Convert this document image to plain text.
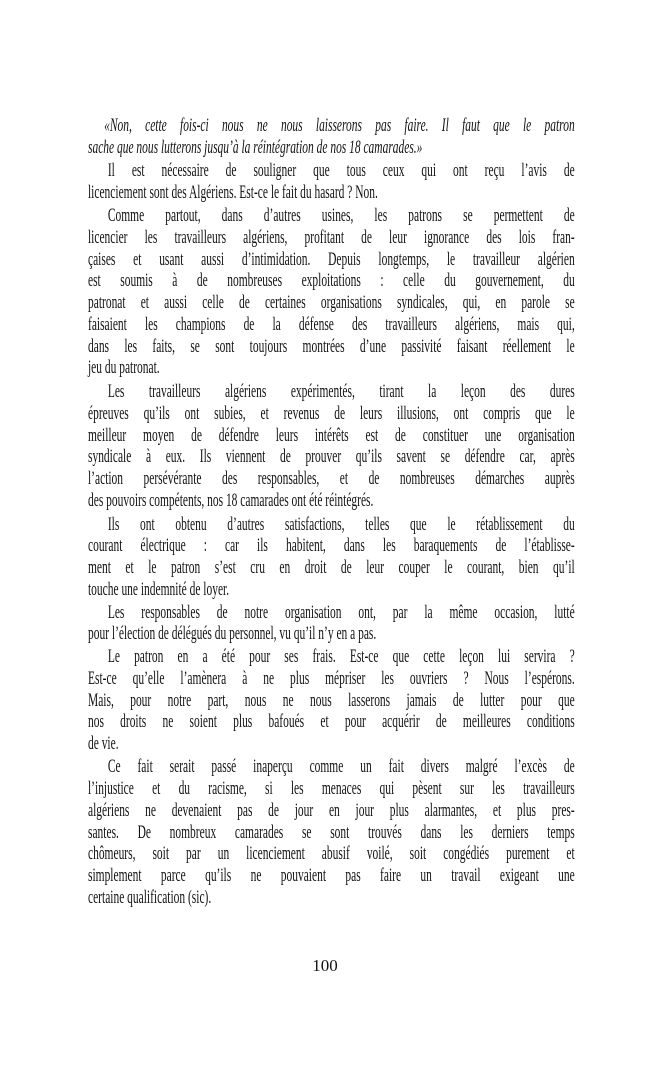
«Non, cette fois-ci nous ne nous laisserons pas faire. Il faut que le patron
sache que nous lutterons jusqu’à la réintégration de nos 18 camarades.»
Il est nécessaire de souligner que tous ceux qui ont reçu l’avis de
licenciement sont des Algériens. Est-ce le fait du hasard ? Non.
Comme partout, dans d’autres usines, les patrons se permettent de
licencier les travailleurs algériens, profitant de leur ignorance des lois fran-
çaises et usant aussi d’intimidation. Depuis longtemps, le travailleur algérien
est soumis à de nombreuses exploitations : celle du gouvernement, du
patronat et aussi celle de certaines organisations syndicales, qui, en parole se
faisaient les champions de la défense des travailleurs algériens, mais qui,
dans les faits, se sont toujours montrées d’une passivité faisant réellement le
jeu du patronat.
Les travailleurs algériens expérimentés, tirant la leçon des dures
épreuves qu’ils ont subies, et revenus de leurs illusions, ont compris que le
meilleur moyen de défendre leurs intérêts est de constituer une organisation
syndicale à eux. Ils viennent de prouver qu’ils savent se défendre car, après
l’action persévérante des responsables, et de nombreuses démarches auprès
des pouvoirs compétents, nos 18 camarades ont été réintégrés.
Ils ont obtenu d’autres satisfactions, telles que le rétablissement du
courant électrique : car ils habitent, dans les baraquements de l’établisse-
ment et le patron s’est cru en droit de leur couper le courant, bien qu’il
touche une indemnité de loyer.
Les responsables de notre organisation ont, par la même occasion, lutté
pour l’élection de délégués du personnel, vu qu’il n’y en a pas.
Le patron en a été pour ses frais. Est-ce que cette leçon lui servira ?
Est-ce qu’elle l’amènera à ne plus mépriser les ouvriers ? Nous l’espérons.
Mais, pour notre part, nous ne nous lasserons jamais de lutter pour que
nos droits ne soient plus bafoués et pour acquérir de meilleures conditions
de vie.
Ce fait serait passé inaperçu comme un fait divers malgré l’excès de
l’injustice et du racisme, si les menaces qui pèsent sur les travailleurs
algériens ne devenaient pas de jour en jour plus alarmantes, et plus pres-
santes. De nombreux camarades se sont trouvés dans les derniers temps
chômeurs, soit par un licenciement abusif voilé, soit congédiés purement et
simplement parce qu’ils ne pouvaient pas faire un travail exigeant une
certaine qualification (sic).
100
